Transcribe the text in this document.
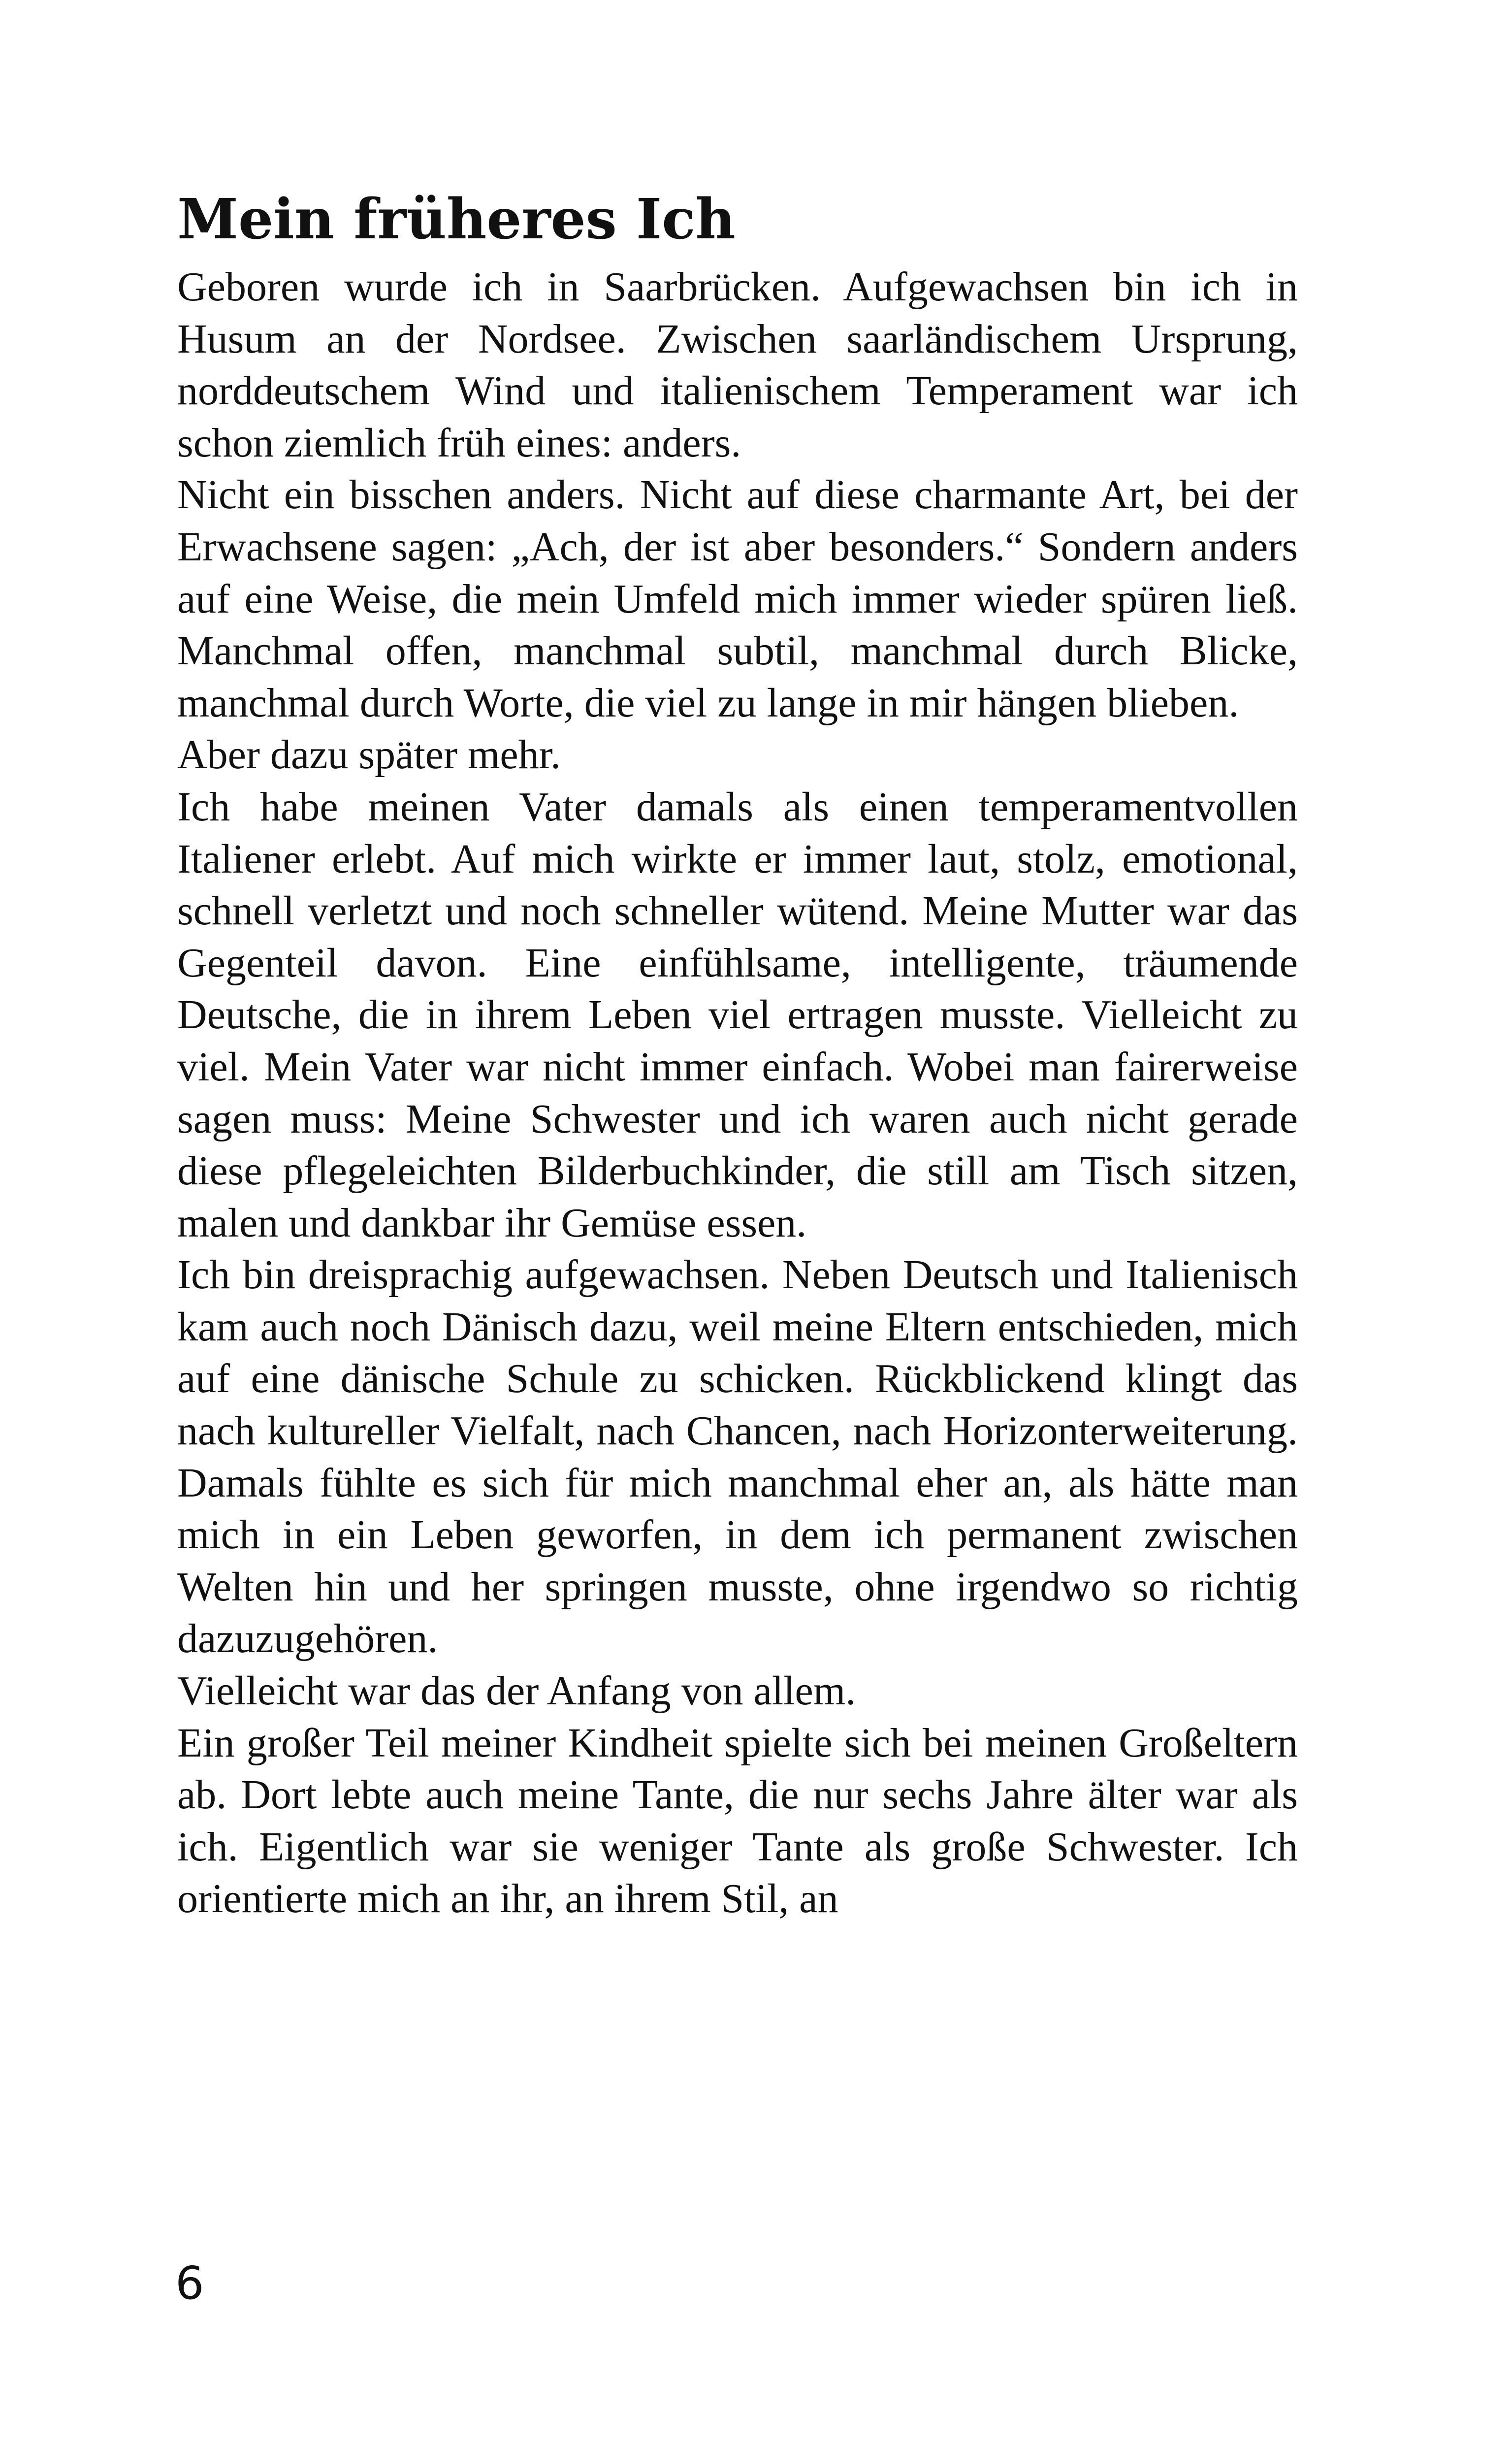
Mein früheres Ich

Geboren wurde ich in Saarbrücken. Aufgewachsen bin ich in Husum an der Nordsee. Zwischen saarländischem Ursprung, norddeutschem Wind und italienischem Temperament war ich schon ziemlich früh eines: anders.

Nicht ein bisschen anders. Nicht auf diese charmante Art, bei der Erwachsene sagen: „Ach, der ist aber besonders.“ Sondern anders auf eine Weise, die mein Umfeld mich immer wieder spüren ließ. Manchmal offen, manchmal subtil, manchmal durch Blicke, manchmal durch Worte, die viel zu lange in mir hängen blieben.

Aber dazu später mehr.

Ich habe meinen Vater damals als einen temperamentvollen Italiener erlebt. Auf mich wirkte er immer laut, stolz, emotional, schnell verletzt und noch schneller wütend. Meine Mutter war das Gegenteil davon. Eine einfühlsame, intelligente, träumende Deutsche, die in ihrem Leben viel ertragen musste. Vielleicht zu viel. Mein Vater war nicht immer einfach. Wobei man fairerweise sagen muss: Meine Schwester und ich waren auch nicht gerade diese pflegeleichten Bilderbuchkinder, die still am Tisch sitzen, malen und dankbar ihr Gemüse essen.

Ich bin dreisprachig aufgewachsen. Neben Deutsch und Italienisch kam auch noch Dänisch dazu, weil meine Eltern entschieden, mich auf eine dänische Schule zu schicken. Rückblickend klingt das nach kultureller Vielfalt, nach Chancen, nach Horizonterweiterung. Damals fühlte es sich für mich manchmal eher an, als hätte man mich in ein Leben geworfen, in dem ich permanent zwischen Welten hin und her springen musste, ohne irgendwo so richtig dazuzugehören.

Vielleicht war das der Anfang von allem.

Ein großer Teil meiner Kindheit spielte sich bei meinen Großeltern ab. Dort lebte auch meine Tante, die nur sechs Jahre älter war als ich. Eigentlich war sie weniger Tante als große Schwester. Ich orientierte mich an ihr, an ihrem Stil, an

6
